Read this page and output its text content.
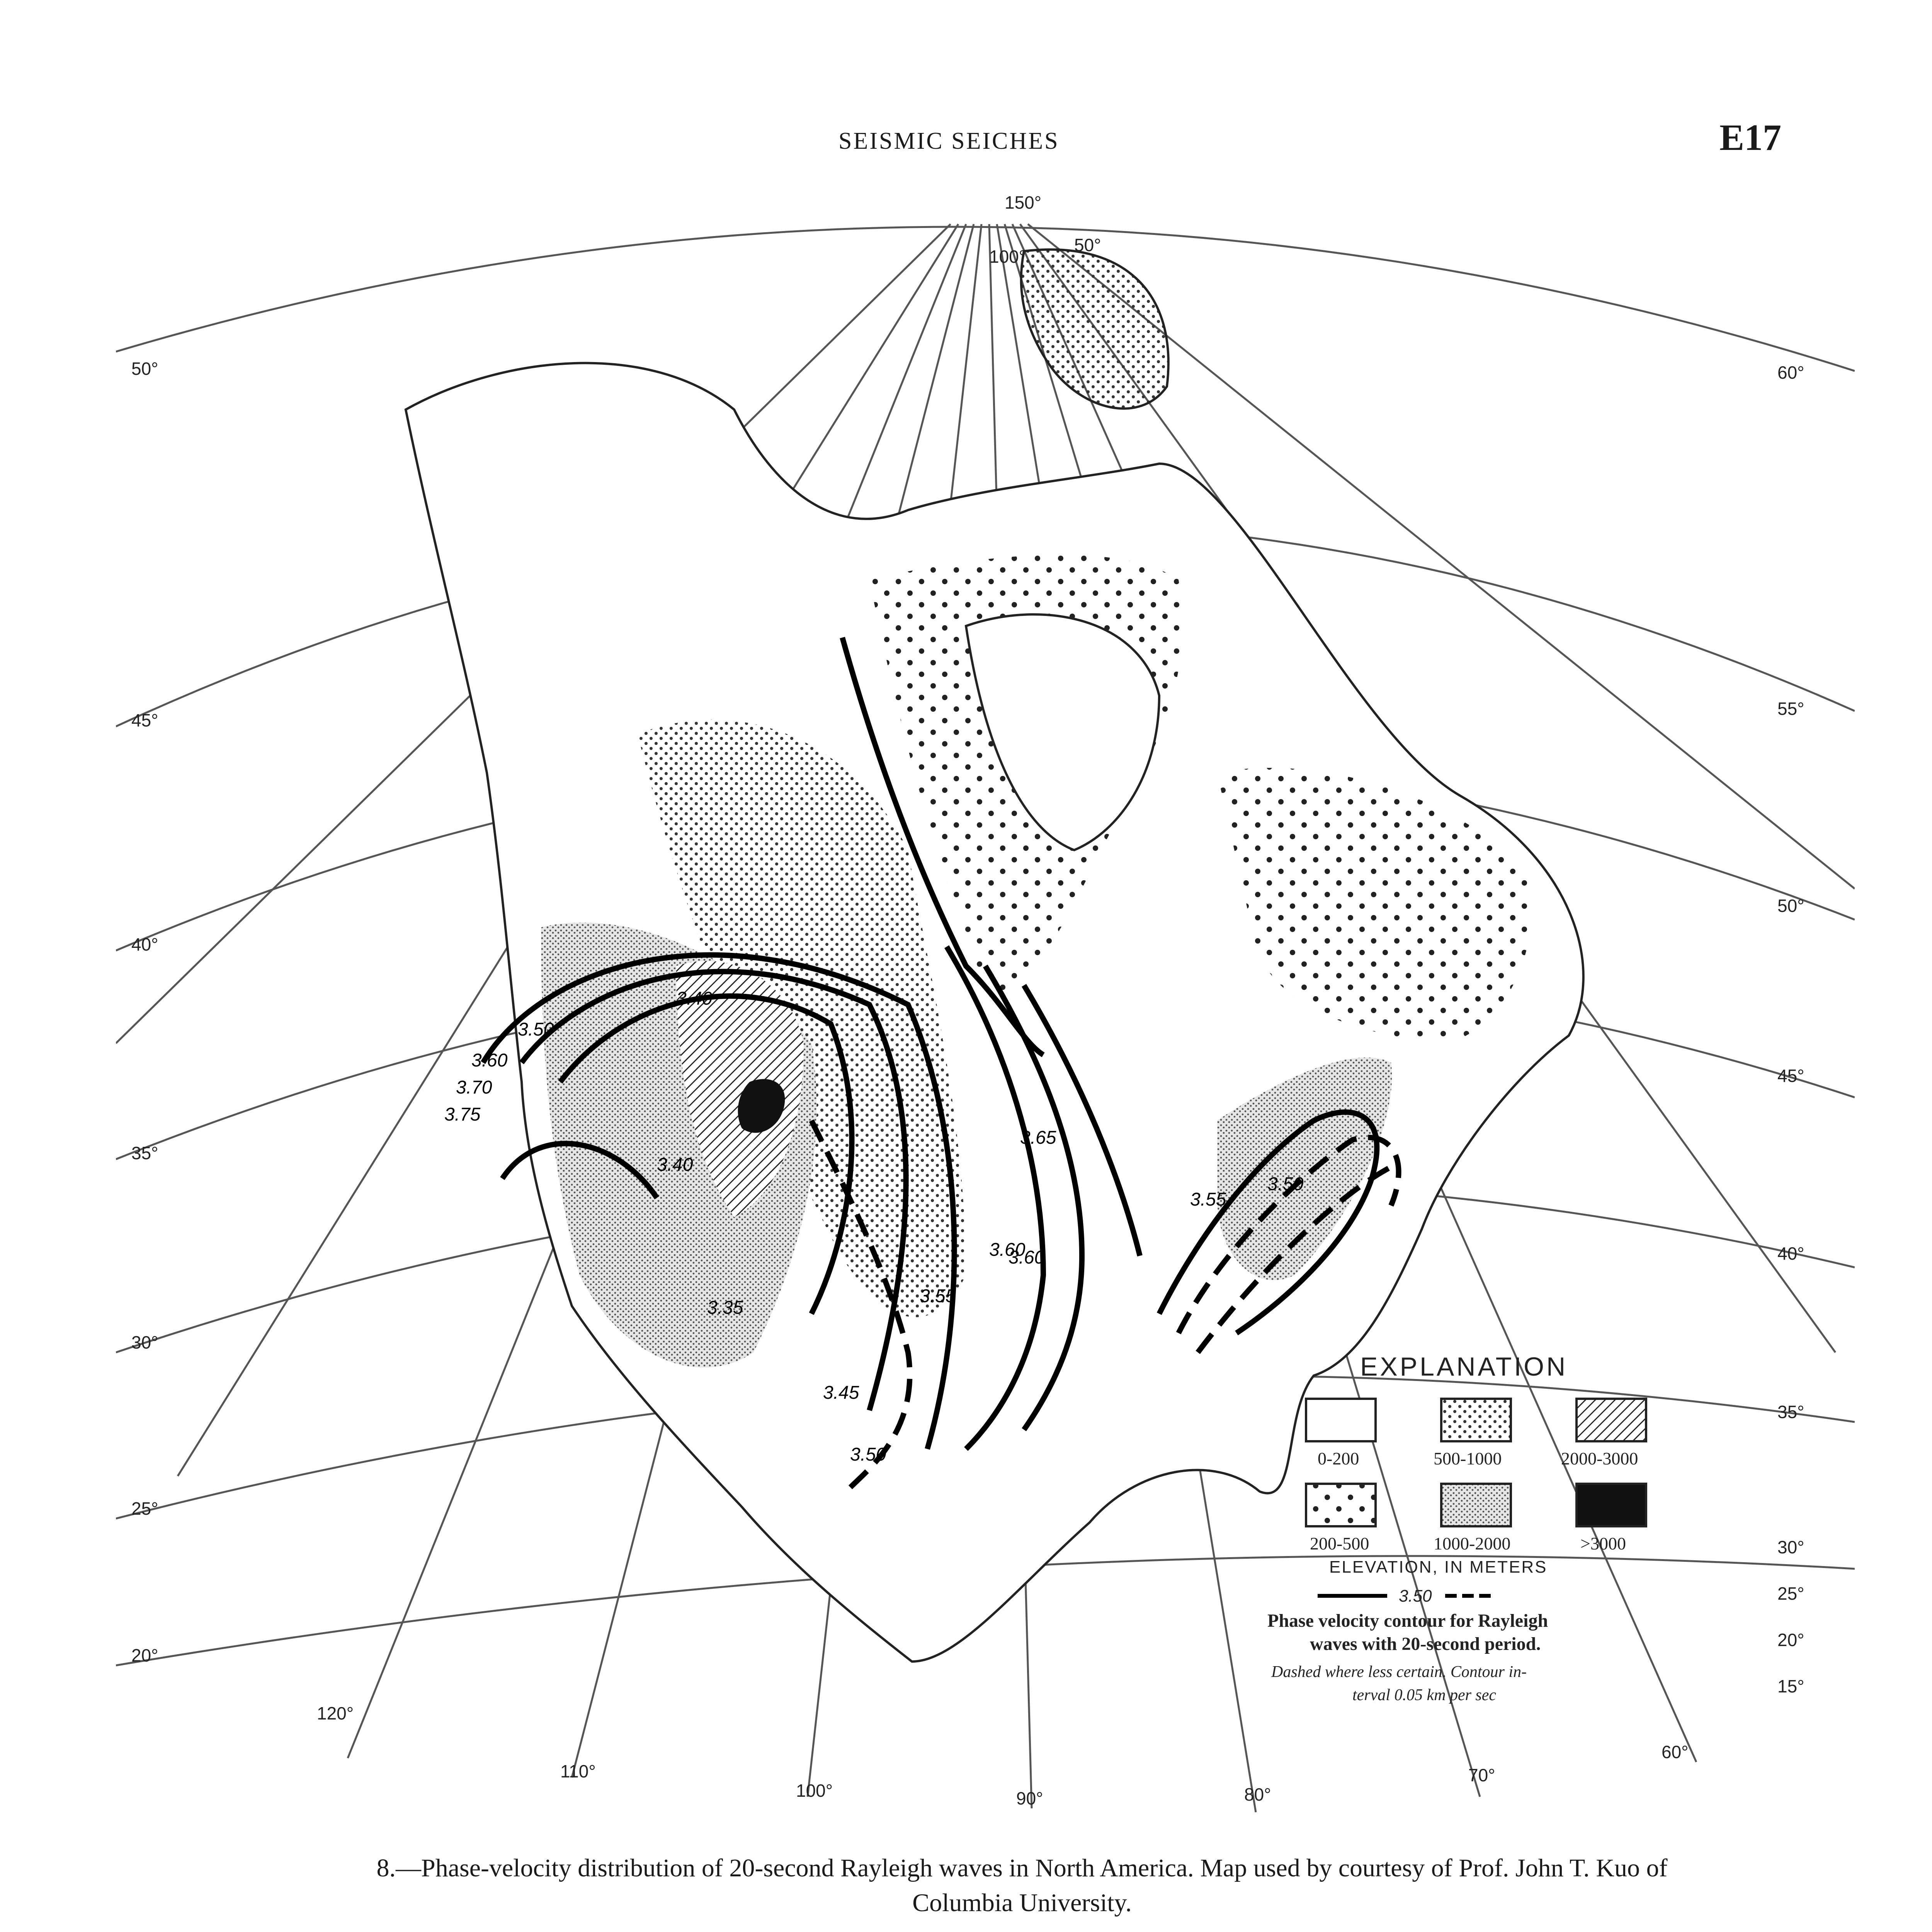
SEISMIC SEICHES	E17
150°
100°
50°
120°
110°
100°	90°	80°
70°
60°
50°
45°
40°
35°
30°
25°
20°
60°
55°
50°
45°
40°
35°
30°
25°
20°
15°
3.40
3.50
3.60
3.70
3.75
3.40
3.35
3.45
3.50
3.55
3.60
3.65
3.60
3.55
3.50
EXPLANATION
0-200	500-1000	2000-3000
200-500	1000-2000	>3000
ELEVATION, IN METERS
3.50
Phase velocity contour for Rayleigh
waves with 20-second period.
Dashed where less certain. Contour in-
terval 0.05 km per sec
8.—Phase-velocity distribution of 20-second Rayleigh waves in North America. Map used by courtesy of Prof. John T. Kuo of
Columbia University.
